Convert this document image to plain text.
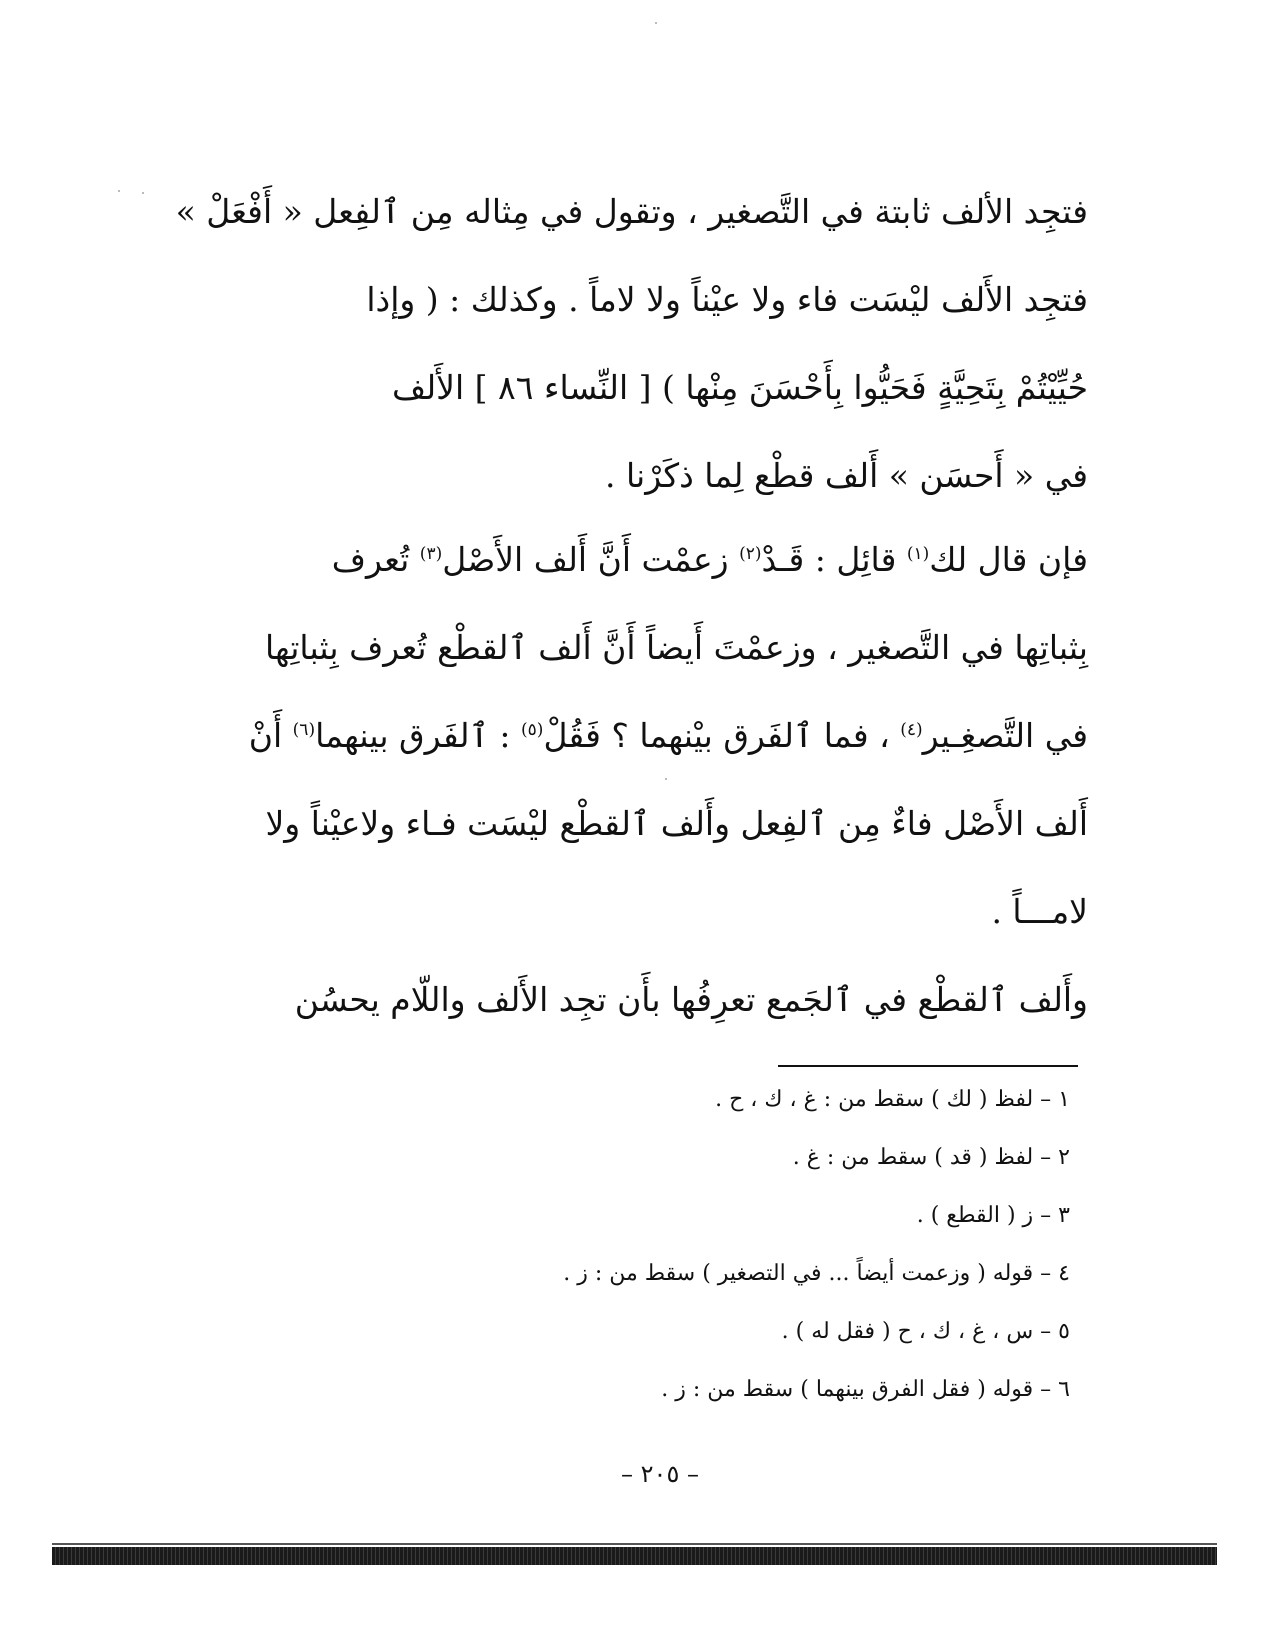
فتجِد الألف ثابتة في التَّصغير ، وتقول في مِثاله مِن ٱلفِعل « أَفْعَلْ »

فتجِد الأَلف ليْسَت فاء ولا عيْناً ولا لاماً . وكذلك : ( وإذا

حُيِّيْتُمْ بِتَحِيَّةٍ فَحَيُّوا بِأَحْسَنَ مِنْها ) [ النِّساء ٨٦ ] الأَلف

في « أَحسَن » أَلف قطْع لِما ذكَرْنا .

فإن قال لك$^{(١)}$ قائِل : قَـدْ$^{(٢)}$ زعمْت أَنَّ أَلف الأَصْل$^{(٣)}$ تُعرف

بِثباتِها في التَّصغير ، وزعمْتَ أَيضاً أَنَّ أَلف ٱلقطْع تُعرف بِثباتِها

في التَّصغِـير$^{(٤)}$ ، فما ٱلفَرق بيْنهما ؟ فَقُلْ$^{(٥)}$ : ٱلفَرق بينهما$^{(٦)}$ أَنْ

أَلف الأَصْل فاءٌ مِن ٱلفِعل وأَلف ٱلقطْع ليْسَت فـاء ولاعيْناً ولا

لامـــاً .

وأَلف ٱلقطْع في ٱلجَمع تعرِفُها بأَن تجِد الأَلف واللّام يحسُن

١ – لفظ ( لك ) سقط من : غ ، ك ، ح .

٢ – لفظ ( قد ) سقط من : غ .

٣ – ز ( القطع ) .

٤ – قوله ( وزعمت أيضاً ... في التصغير ) سقط من : ز .

٥ – س ، غ ، ك ، ح ( فقل له ) .

٦ – قوله ( فقل الفرق بينهما ) سقط من : ز .

– ٢٠٥ –
